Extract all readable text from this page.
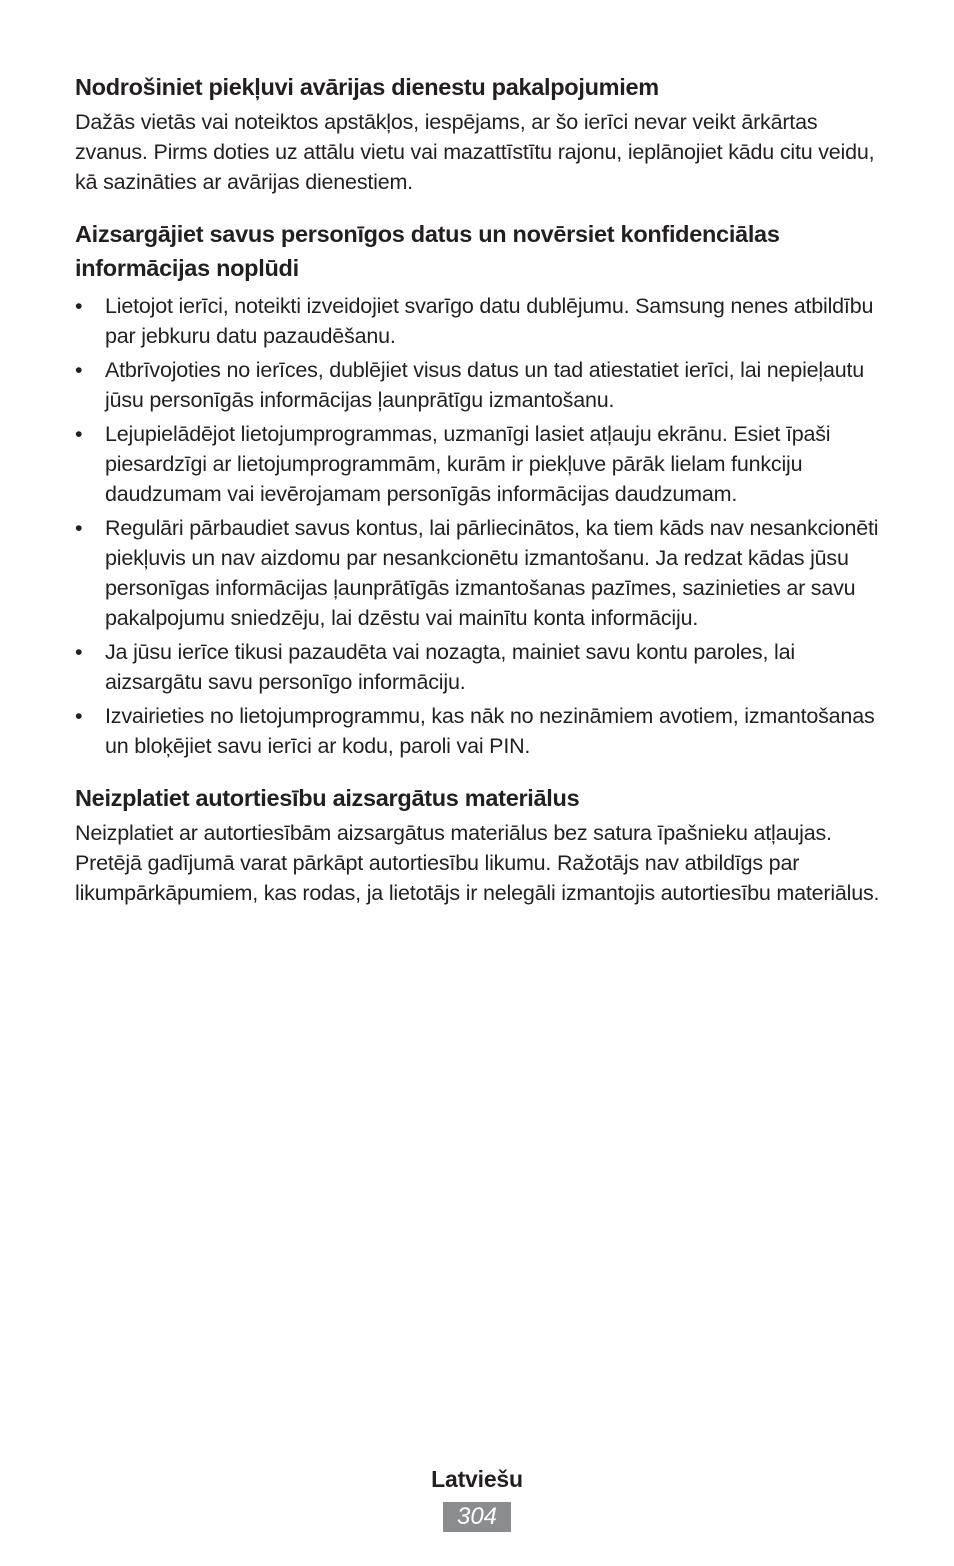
Nodrošiniet piekļuvi avārijas dienestu pakalpojumiem

Dažās vietās vai noteiktos apstākļos, iespējams, ar šo ierīci nevar veikt ārkārtas zvanus. Pirms doties uz attālu vietu vai mazattīstītu rajonu, ieplānojiet kādu citu veidu, kā sazināties ar avārijas dienestiem.

Aizsargājiet savus personīgos datus un novērsiet konfidenciālas informācijas noplūdi
•	Lietojot ierīci, noteikti izveidojiet svarīgo datu dublējumu. Samsung nenes atbildību par jebkuru datu pazaudēšanu.
•	Atbrīvojoties no ierīces, dublējiet visus datus un tad atiestatiet ierīci, lai nepieļautu jūsu personīgās informācijas ļaunprātīgu izmantošanu.
•	Lejupielādējot lietojumprogrammas, uzmanīgi lasiet atļauju ekrānu. Esiet īpaši piesardzīgi ar lietojumprogrammām, kurām ir piekļuve pārāk lielam funkciju daudzumam vai ievērojamam personīgās informācijas daudzumam.
•	Regulāri pārbaudiet savus kontus, lai pārliecinātos, ka tiem kāds nav nesankcionēti piekļuvis un nav aizdomu par nesankcionētu izmantošanu. Ja redzat kādas jūsu personīgas informācijas ļaunprātīgās izmantošanas pazīmes, sazinieties ar savu pakalpojumu sniedzēju, lai dzēstu vai mainītu konta informāciju.
•	Ja jūsu ierīce tikusi pazaudēta vai nozagta, mainiet savu kontu paroles, lai aizsargātu savu personīgo informāciju.
•	Izvairieties no lietojumprogrammu, kas nāk no nezināmiem avotiem, izmantošanas un bloķējiet savu ierīci ar kodu, paroli vai PIN.
Neizplatiet autortiesību aizsargātus materiālus

Neizplatiet ar autortiesībām aizsargātus materiālus bez satura īpašnieku atļaujas. Pretējā gadījumā varat pārkāpt autortiesību likumu. Ražotājs nav atbildīgs par likumpārkāpumiem, kas rodas, ja lietotājs ir nelegāli izmantojis autortiesību materiālus.

Latviešu
304
